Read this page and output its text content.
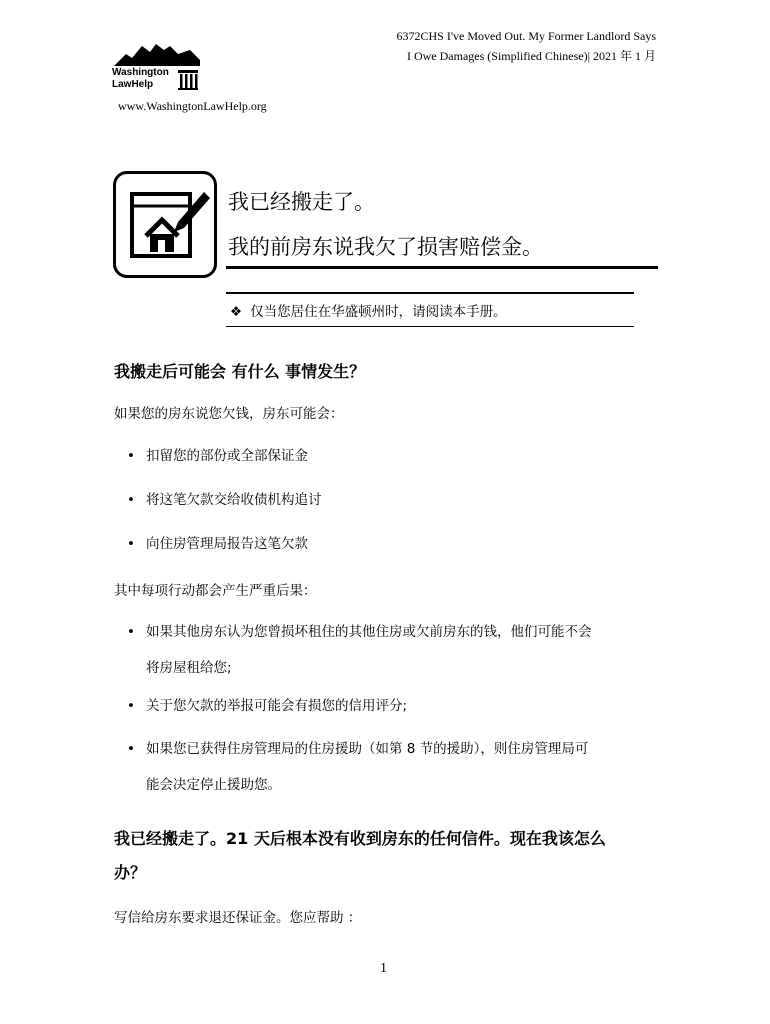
6372CHS I've Moved Out. My Former Landlord Says
I Owe Damages (Simplified Chinese)| 2021 年 1 月
Washington
LawHelp
www.WashingtonLawHelp.org
我已经搬走了。
我的前房东说我欠了损害赔偿金。
❖ 仅当您居住在华盛顿州时，请阅读本手册。
我搬走后可能会 有什么 事情发生？
如果您的房东说您欠钱，房东可能会：
• 扣留您的部份或全部保证金
• 将这笔欠款交给收债机构追讨
• 向住房管理局报告这笔欠款
其中每项行动都会产生严重后果：
• 如果其他房东认为您曾损坏租住的其他住房或欠前房东的钱，他们可能不会
将房屋租给您;
• 关于您欠款的举报可能会有损您的信用评分;
• 如果您已获得住房管理局的住房援助（如第 8 节的援助），则住房管理局可
能会决定停止援助您。
我已经搬走了。21 天后根本没有收到房东的任何信件。现在我该怎么
办？
写信给房东要求退还保证金。您应帮助 ：
1
